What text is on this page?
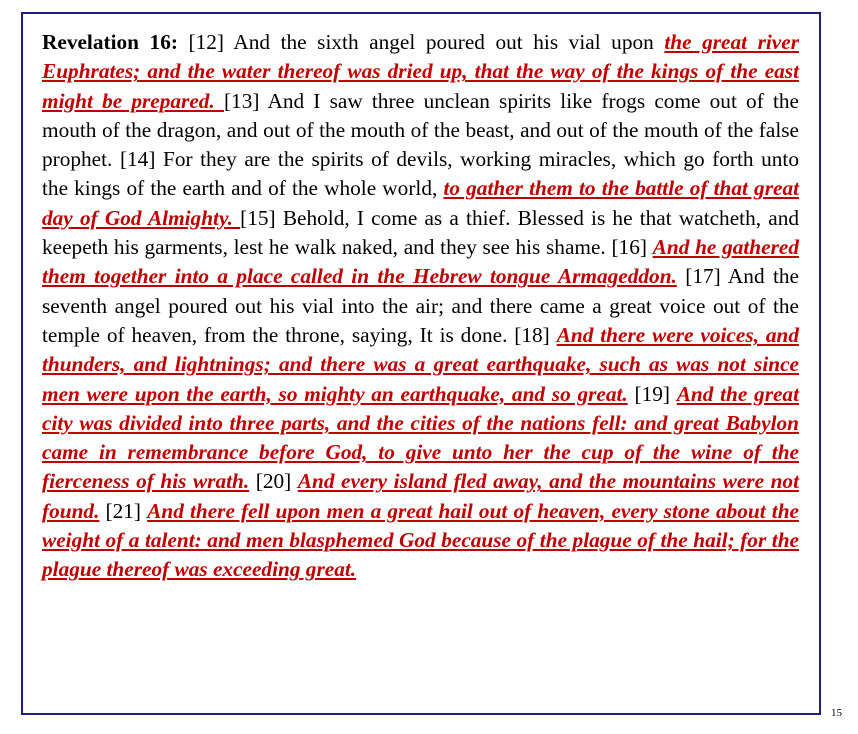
Revelation 16: [12] And the sixth angel poured out his vial upon the great river Euphrates; and the water thereof was dried up, that the way of the kings of the east might be prepared. [13] And I saw three unclean spirits like frogs come out of the mouth of the dragon, and out of the mouth of the beast, and out of the mouth of the false prophet. [14] For they are the spirits of devils, working miracles, which go forth unto the kings of the earth and of the whole world, to gather them to the battle of that great day of God Almighty. [15] Behold, I come as a thief. Blessed is he that watcheth, and keepeth his garments, lest he walk naked, and they see his shame. [16] And he gathered them together into a place called in the Hebrew tongue Armageddon. [17] And the seventh angel poured out his vial into the air; and there came a great voice out of the temple of heaven, from the throne, saying, It is done. [18] And there were voices, and thunders, and lightnings; and there was a great earthquake, such as was not since men were upon the earth, so mighty an earthquake, and so great. [19] And the great city was divided into three parts, and the cities of the nations fell: and great Babylon came in remembrance before God, to give unto her the cup of the wine of the fierceness of his wrath. [20] And every island fled away, and the mountains were not found. [21] And there fell upon men a great hail out of heaven, every stone about the weight of a talent: and men blasphemed God because of the plague of the hail; for the plague thereof was exceeding great.

15
